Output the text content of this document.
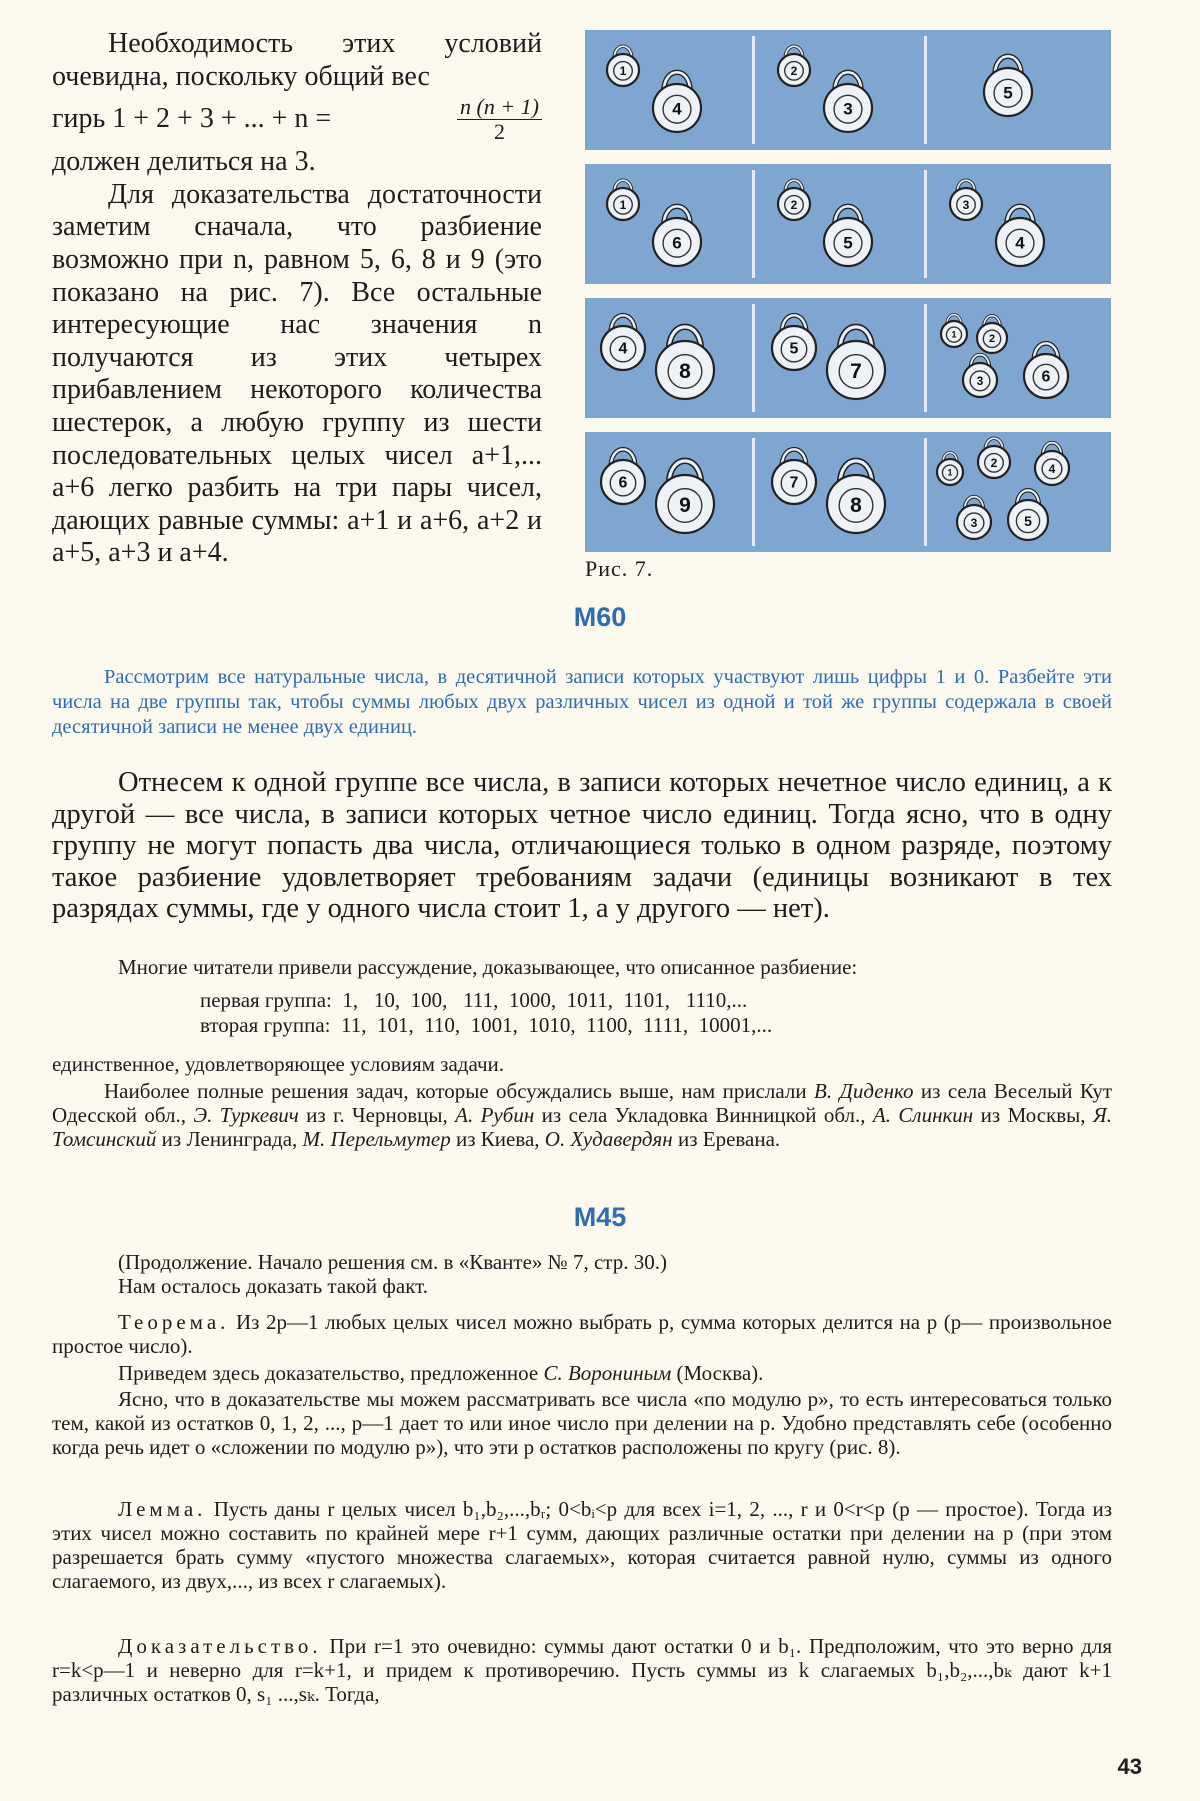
Необходимость этих условий очевидна, поскольку общий вес

гирь 1 + 2 + 3 + ... + n =	$\frac{n (n + 1)}{2}$
должен делиться на 3.

Для доказательства достаточности заметим сначала, что разбиение возможно при n, равном 5, 6, 8 и 9 (это показано на рис. 7). Все остальные интересующие нас значения n получаются из этих четырех прибавлением некоторого количества шестерок, а любую группу из шести последовательных целых чисел a+1,... a+6 легко разбить на три пары чисел, дающих равные суммы: a+1 и a+6, a+2 и a+5, a+3 и a+4.

1
4
2
3
5
1
6
2
5
3
4
4
8
5
7
1	2
3	6
6
9
7
8
1
2	4
3	5
Рис. 7.
М60
Рассмотрим все натуральные числа, в десятичной записи которых участвуют лишь цифры 1 и 0. Разбейте эти числа на две группы так, чтобы суммы любых двух различных чисел из одной и той же группы содержала в своей десятичной записи не менее двух единиц.

Отнесем к одной группе все числа, в записи которых нечетное число единиц, а к другой — все числа, в записи которых четное число единиц. Тогда ясно, что в одну группу не могут попасть два числа, отличающиеся только в одном разряде, поэтому такое разбиение удовлетворяет требованиям задачи (единицы возникают в тех разрядах суммы, где у одного числа стоит 1, а у другого — нет).

Многие читатели привели рассуждение, доказывающее, что описанное разбиение:

первая группа:  1,   10,  100,   111,  1000,  1011,  1101,   1110,...
вторая группа:  11,  101,  110,  1001,  1010,  1100,  1111,  10001,...

единственное, удовлетворяющее условиям задачи.

Наиболее полные решения задач, которые обсуждались выше, нам прислали В. Диденко из села Веселый Кут Одесской обл., Э. Туркевич из г. Черновцы, А. Рубин из села Укладовка Винницкой обл., А. Слинкин из Москвы, Я. Томсинский из Ленинграда, М. Перельмутер из Киева, О. Худавердян из Еревана.

М45

(Продолжение. Начало решения см. в «Кванте» № 7, стр. 30.)

Нам осталось доказать такой факт.

Теорема. Из 2p—1 любых целых чисел можно выбрать p, сумма которых делится на p (p— произвольное простое число).

Приведем здесь доказательство, предложенное С. Ворониным (Москва).

Ясно, что в доказательстве мы можем рассматривать все числа «по модулю p», то есть интересоваться только тем, какой из остатков 0, 1, 2, ..., p—1 дает то или иное число при делении на p. Удобно представлять себе (особенно когда речь идет о «сложении по модулю p»), что эти p остатков расположены по кругу (рис. 8).

Лемма. Пусть даны r целых чисел b₁,b₂,...,bᵣ; 0<bᵢ<p для всех i=1, 2, ..., r и 0<r<p (p — простое). Тогда из этих чисел можно составить по крайней мере r+1 сумм, дающих различные остатки при делении на p (при этом разрешается брать сумму «пустого множества слагаемых», которая считается равной нулю, суммы из одного слагаемого, из двух,..., из всех r слагаемых).

Доказательство. При r=1 это очевидно: суммы дают остатки 0 и b₁. Предположим, что это верно для r=k<p—1 и неверно для r=k+1, и придем к противоречию. Пусть суммы из k слагаемых b₁,b₂,...,bₖ дают k+1 различных остатков 0, s₁ ...,sₖ. Тогда,

43
